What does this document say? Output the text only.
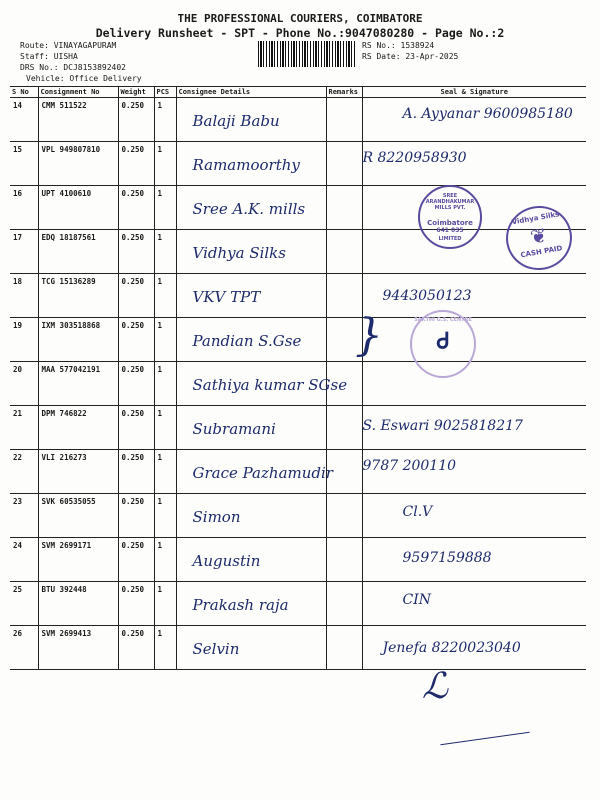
THE PROFESSIONAL COURIERS, COIMBATORE
Delivery Runsheet - SPT - Phone No.:9047080280 - Page No.:2
Route: VINAYAGAPURAM
Staff: UISHA
DRS No.: DCJ8153892402
Vehicle: Office Delivery
RS No.: 1538924
RS Date: 23-Apr-2025
S No	Consignment No	Weight	PCS	Consignee Details	Remarks	Seal & Signature
14	CMM 511522	0.250	1	Balaji Babu		A. Ayyanar 9600985180

15	VPL 949807810	0.250	1	Ramamoorthy		R 8220958930

16	UPT 4100610	0.250	1	Sree A.K. mills		

17	EDQ 18187561	0.250	1	Vidhya Silks		

18	TCG 15136289	0.250	1	VKV TPT		9443050123

19	IXM 303518868	0.250	1	Pandian S.Gse		

20	MAA 577042191	0.250	1	Sathiya kumar SGse		

21	DPM 746822	0.250	1	Subramani		S. Eswari 9025818217

22	VLI 216273	0.250	1	Grace Pazhamudir		9787 200110

23	SVK 60535055	0.250	1	Simon		Cl.V

24	SVM 2699171	0.250	1	Augustin		9597159888

25	BTU 392448	0.250	1	Prakash raja		CIN

26	SVM 2699413	0.250	1	Selvin		Jenefa 8220023040
SREE ARANDHAKUMAR MILLS PVT.
Coimbatore
641 035
LIMITED
Vidhya Silks
❦
CASH PAID
SAKTHI G.S. CENTRE
Ꮷ
}
ℒ
